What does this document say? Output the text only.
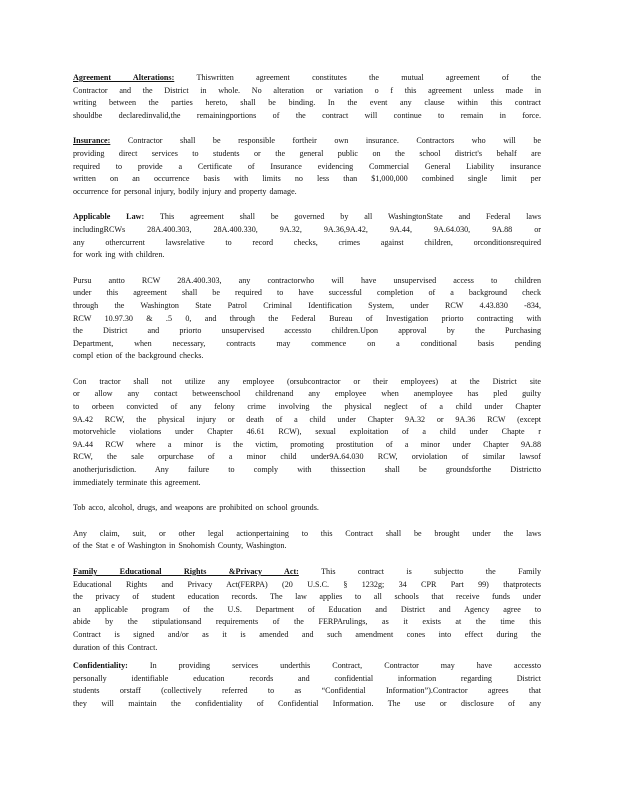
Agreement Alterations:	Thiswritten agreement constitutes the mutual agreement of the
Contractor and the District in whole. No alteration or variation o f this agreement unless made in
writing between the parties hereto, shall be binding. In the event any clause within this contract
shouldbe declaredinvalid,the remainingportions of the contract will continue to remain in force.
Insurance: Contractor shall be responsible fortheir own insurance. Contractors who will be
providing direct services to students or the general public on the school district's behalf are
required to provide a Certificate of Insurance evidencing Commercial General Liability insurance
written on an occurrence basis with limits no less than $1,000,000 combined single limit per
occurrence for personal injury, bodily injury and property damage.
Applicable Law: This agreement shall be governed by all WashingtonState and Federal laws
includingRCWs 28A.400.303, 28A.400.330, 9A.32, 9A.36,9A.42, 9A.44, 9A.64.030, 9A.88 or
any othercurrent lawsrelative to record checks, crimes against children, orconditionsrequired
for work ing with children.
Pursu antto RCW 28A.400.303, any contractorwho will have unsupervised access to children
under this agreement shall be required to have successful completion of a background check
through the Washington State Patrol Criminal Identification System, under RCW 4.43.830 -834,
RCW 10.97.30 & .5 0, and through the Federal Bureau of Investigation priorto contracting with
the District and priorto unsupervised accessto children.Upon approval by the Purchasing
Department, when necessary, contracts may commence on a conditional basis pending
compl etion of the background checks.
Con tractor shall not utilize any employee (orsubcontractor or their employees) at the District site
or allow any contact betweenschool childrenand any employee when anemployee has pled guilty
to orbeen convicted of any felony crime involving the physical neglect of a child under Chapter
9A.42 RCW, the physical injury or death of a child under Chapter 9A.32 or 9A.36 RCW (except
motorvehicle violations under Chapter 46.61 RCW), sexual exploitation of a child under Chapte r
9A.44 RCW where a minor is the victim, promoting prostitution of a minor under Chapter 9A.88
RCW, the sale orpurchase of a minor child under9A.64.030 RCW, orviolation of similar lawsof
anotherjurisdiction. Any failure to comply with thissection shall be groundsforthe Districtto
immediately terminate this agreement.
Tob acco, alcohol, drugs, and weapons are prohibited on school grounds.
Any claim, suit, or other legal actionpertaining to this Contract shall be brought under the laws
of the Stat e of Washington in Snohomish County, Washington.
Family Educational Rights &Privacy Act:	This contract is subjectto the Family
Educational Rights and Privacy Act(FERPA) (20 U.S.C. § 1232g; 34 CPR Part 99) thatprotects
the privacy of student education records. The law applies to all schools that receive funds under
an applicable program of the U.S. Department of Education and District and Agency agree to
abide by the stipulationsand requirements of the FERPArulings, as it exists at the time this
Contract is signed and/or as it is amended and such amendment cones into effect during the
duration of this Contract.
Confidentiality:	In providing services underthis Contract, Contractor may have accessto
personally identifiable education records and confidential information regarding District
students orstaff (collectively referred to as “Confidential Information”).Contractor agrees that
they will maintain the confidentiality of Confidential Information. The use or disclosure of any
